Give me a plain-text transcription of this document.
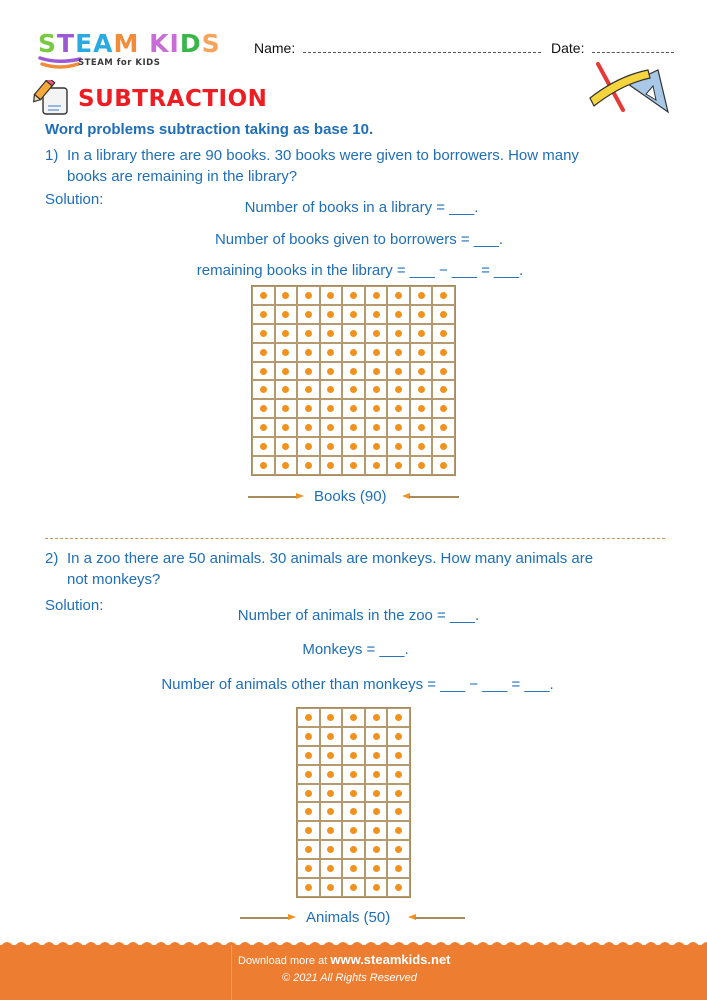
STEAM KIDS
STEAM for KIDS
Name:	Date:
SUBTRACTION
Word problems subtraction taking as base 10.
1) In a library there are 90 books. 30 books were given to borrowers. How many
books are remaining in the library?
Solution:	Number of books in a library = ___.
Number of books given to borrowers = ___.
remaining books in the library = ___ − ___ = ___.
Books (90)
2) In a zoo there are 50 animals. 30 animals are monkeys. How many animals are
not monkeys?
Solution:
Number of animals in the zoo = ___.
Monkeys = ___.
Number of animals other than monkeys = ___ − ___ = ___.
Animals (50)
Download more at www.steamkids.net
© 2021 All Rights Reserved
